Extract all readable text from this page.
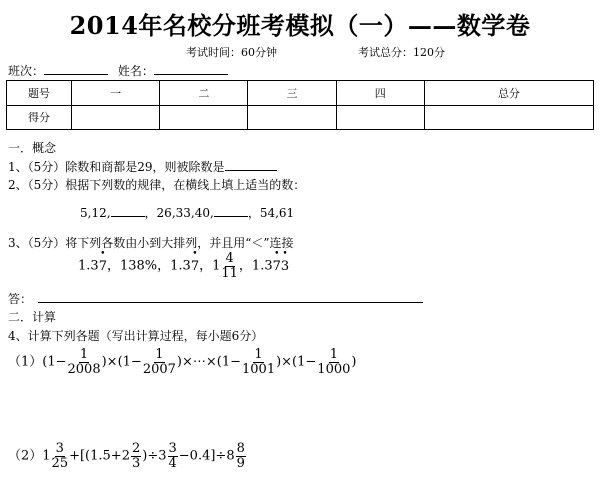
2014年名校分班考模拟（一）——数学卷
考试时间：60分钟	考试总分：120分
班次：	姓名：
题号	一	二	三	四	总分
得分					
一．概念
1、（5分）除数和商都是29，则被除数是
2、（5分）根据下列数的规律，在横线上填上适当的数：
5,12,	，26,33,40,	，54,61
3、（5分）将下列各数由小到大排列，并且用“＜”连接
1.3• 7，138%，1.3• 7，$1 \frac{4}{11}$ ，1.3• 7• 3
答：
二．计算
4、计算下列各题（写出计算过程，每小题6分）
$(1)(1- \frac{1}{2008} )\times(1- \frac{1}{2007}$ )×⋯×(1− $\frac{1}{1001} )\times(1- \frac{1}{1000}$ )
$(2)1 \frac{3}{25} +[(1.5+2 \frac{2}{3} )\div 3 \frac{3}{4} -0.4]\div 8 \frac{8}{9}$
